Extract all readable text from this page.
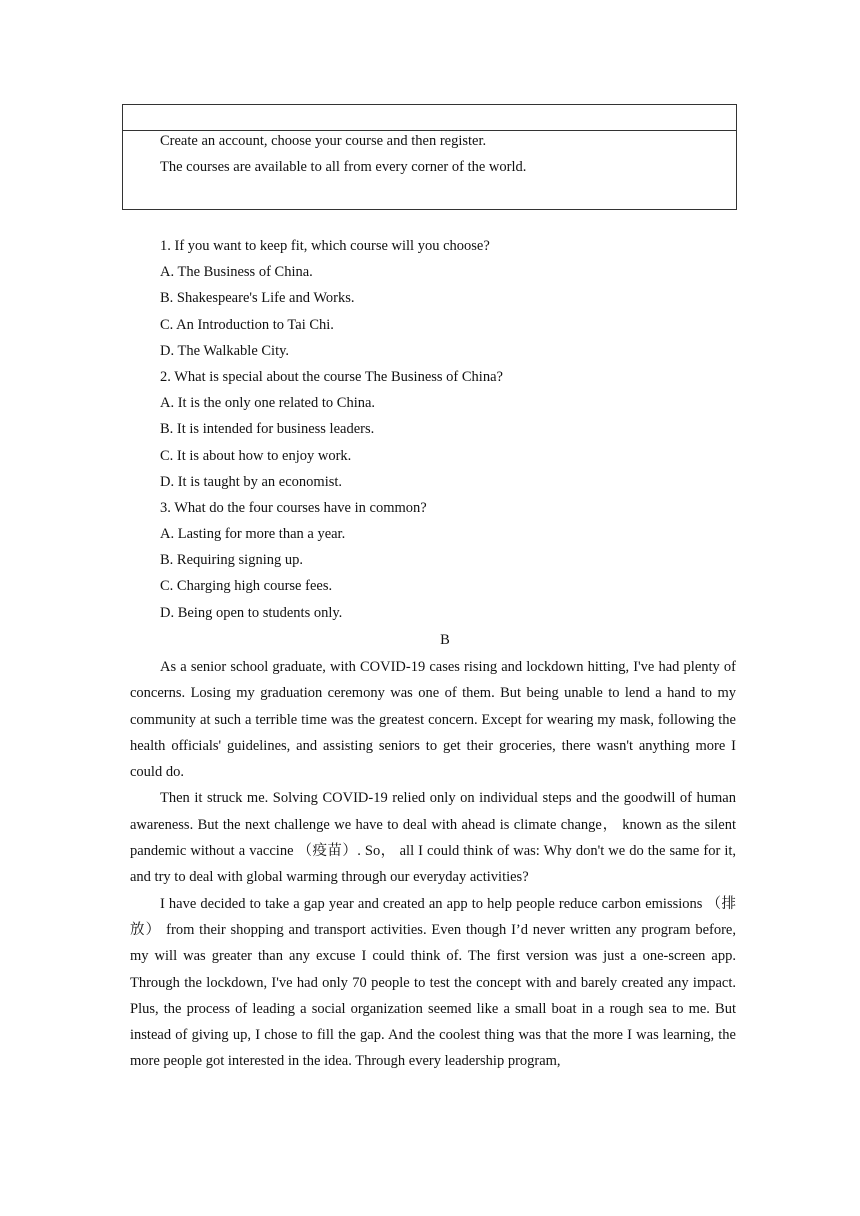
Create an account, choose your course and then register.
The courses are available to all from every corner of the world.
1. If you want to keep fit, which course will you choose?
A. The Business of China.
B. Shakespeare's Life and Works.
C. An Introduction to Tai Chi.
D. The Walkable City.
2. What is special about the course The Business of China?
A. It is the only one related to China.
B. It is intended for business leaders.
C. It is about how to enjoy work.
D. It is taught by an economist.
3. What do the four courses have in common?
A. Lasting for more than a year.
B. Requiring signing up.
C. Charging high course fees.
D. Being open to students only.
B

As a senior school graduate, with COVID-19 cases rising and lockdown hitting, I've had plenty of concerns. Losing my graduation ceremony was one of them. But being unable to lend a hand to my community at such a terrible time was the greatest concern. Except for wearing my mask, following the health officials' guidelines, and assisting seniors to get their groceries, there wasn't anything more I could do.

Then it struck me. Solving COVID-19 relied only on individual steps and the goodwill of human awareness. But the next challenge we have to deal with ahead is climate change， known as the silent pandemic without a vaccine （疫苗）. So， all I could think of was: Why don't we do the same for it, and try to deal with global warming through our everyday activities?

I have decided to take a gap year and created an app to help people reduce carbon emissions （排放） from their shopping and transport activities. Even though I’d never written any program before, my will was greater than any excuse I could think of. The first version was just a one-screen app. Through the lockdown, I've had only 70 people to test the concept with and barely created any impact. Plus, the process of leading a social organization seemed like a small boat in a rough sea to me. But instead of giving up, I chose to fill the gap. And the coolest thing was that the more I was learning, the more people got interested in the idea. Through every leadership program,
